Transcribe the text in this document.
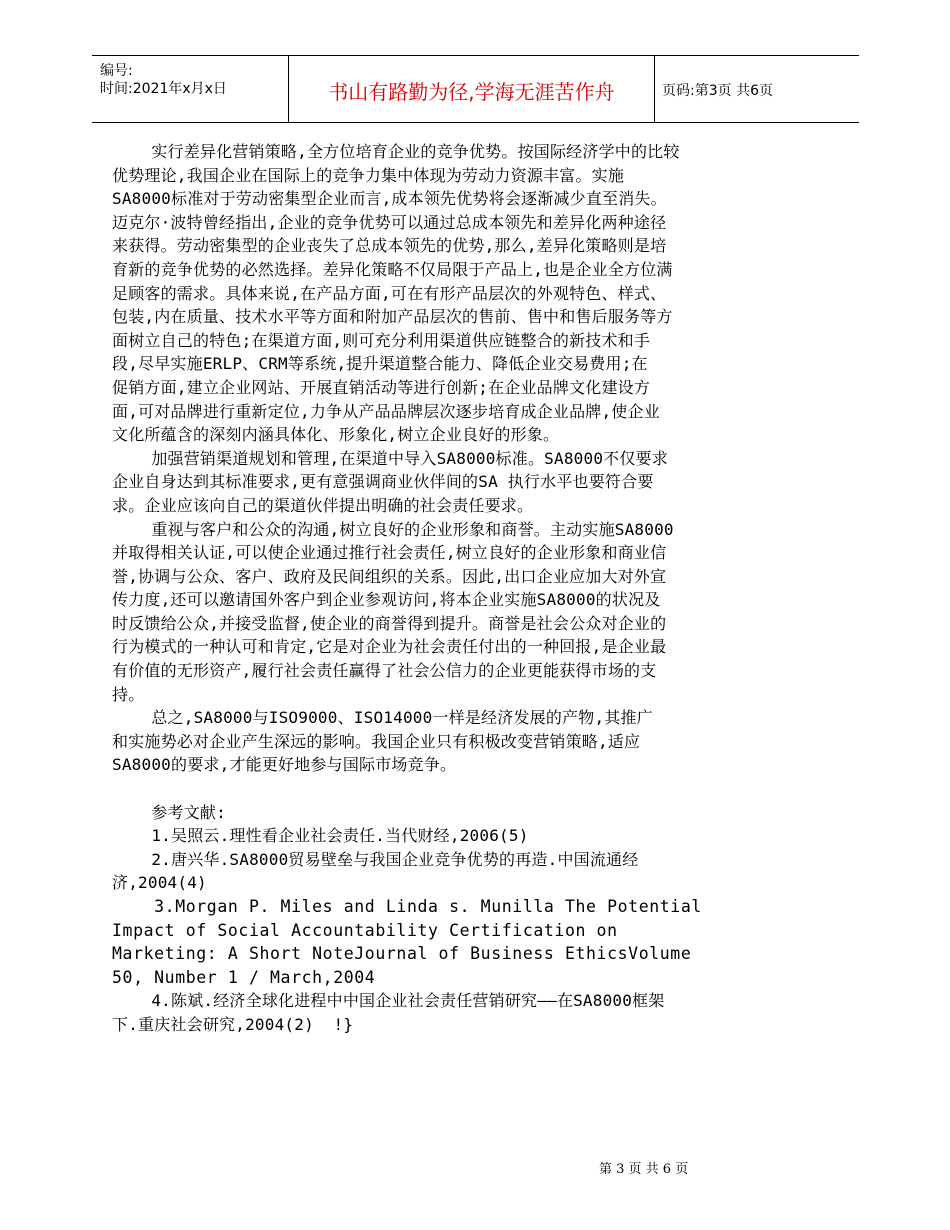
编号:
时间:2021年x月x日	书山有路勤为径,学海无涯苦作舟	页码:第3页 共6页
实行差异化营销策略,全方位培育企业的竞争优势。按国际经济学中的比较
优势理论,我国企业在国际上的竞争力集中体现为劳动力资源丰富。实施
SA8000标准对于劳动密集型企业而言,成本领先优势将会逐渐减少直至消失。
迈克尔·波特曾经指出,企业的竞争优势可以通过总成本领先和差异化两种途径
来获得。劳动密集型的企业丧失了总成本领先的优势,那么,差异化策略则是培
育新的竞争优势的必然选择。差异化策略不仅局限于产品上,也是企业全方位满
足顾客的需求。具体来说,在产品方面,可在有形产品层次的外观特色、样式、
包装,内在质量、技术水平等方面和附加产品层次的售前、售中和售后服务等方
面树立自己的特色;在渠道方面,则可充分利用渠道供应链整合的新技术和手
段,尽早实施ERLP、CRM等系统,提升渠道整合能力、降低企业交易费用;在
促销方面,建立企业网站、开展直销活动等进行创新;在企业品牌文化建设方
面,可对品牌进行重新定位,力争从产品品牌层次逐步培育成企业品牌,使企业
文化所蕴含的深刻内涵具体化、形象化,树立企业良好的形象。
加强营销渠道规划和管理,在渠道中导入SA8000标准。SA8000不仅要求
企业自身达到其标准要求,更有意强调商业伙伴间的SA 执行水平也要符合要
求。企业应该向自己的渠道伙伴提出明确的社会责任要求。
重视与客户和公众的沟通,树立良好的企业形象和商誉。主动实施SA8000
并取得相关认证,可以使企业通过推行社会责任,树立良好的企业形象和商业信
誉,协调与公众、客户、政府及民间组织的关系。因此,出口企业应加大对外宣
传力度,还可以邀请国外客户到企业参观访问,将本企业实施SA8000的状况及
时反馈给公众,并接受监督,使企业的商誉得到提升。商誉是社会公众对企业的
行为模式的一种认可和肯定,它是对企业为社会责任付出的一种回报,是企业最
有价值的无形资产,履行社会责任赢得了社会公信力的企业更能获得市场的支
持。
总之,SA8000与ISO9000、ISO14000一样是经济发展的产物,其推广
和实施势必对企业产生深远的影响。我国企业只有积极改变营销策略,适应
SA8000的要求,才能更好地参与国际市场竞争。
参考文献:
1.吴照云.理性看企业社会责任.当代财经,2006(5)
2.唐兴华.SA8000贸易壁垒与我国企业竞争优势的再造.中国流通经
济,2004(4)
3.Morgan P. Miles and Linda s. Munilla The Potential
Impact of Social Accountability Certification on
Marketing: A Short NoteJournal of Business EthicsVolume
50, Number 1 / March,2004
4.陈斌.经济全球化进程中中国企业社会责任营销研究——在SA8000框架
下.重庆社会研究,2004(2)  !}
第 3 页 共 6 页
